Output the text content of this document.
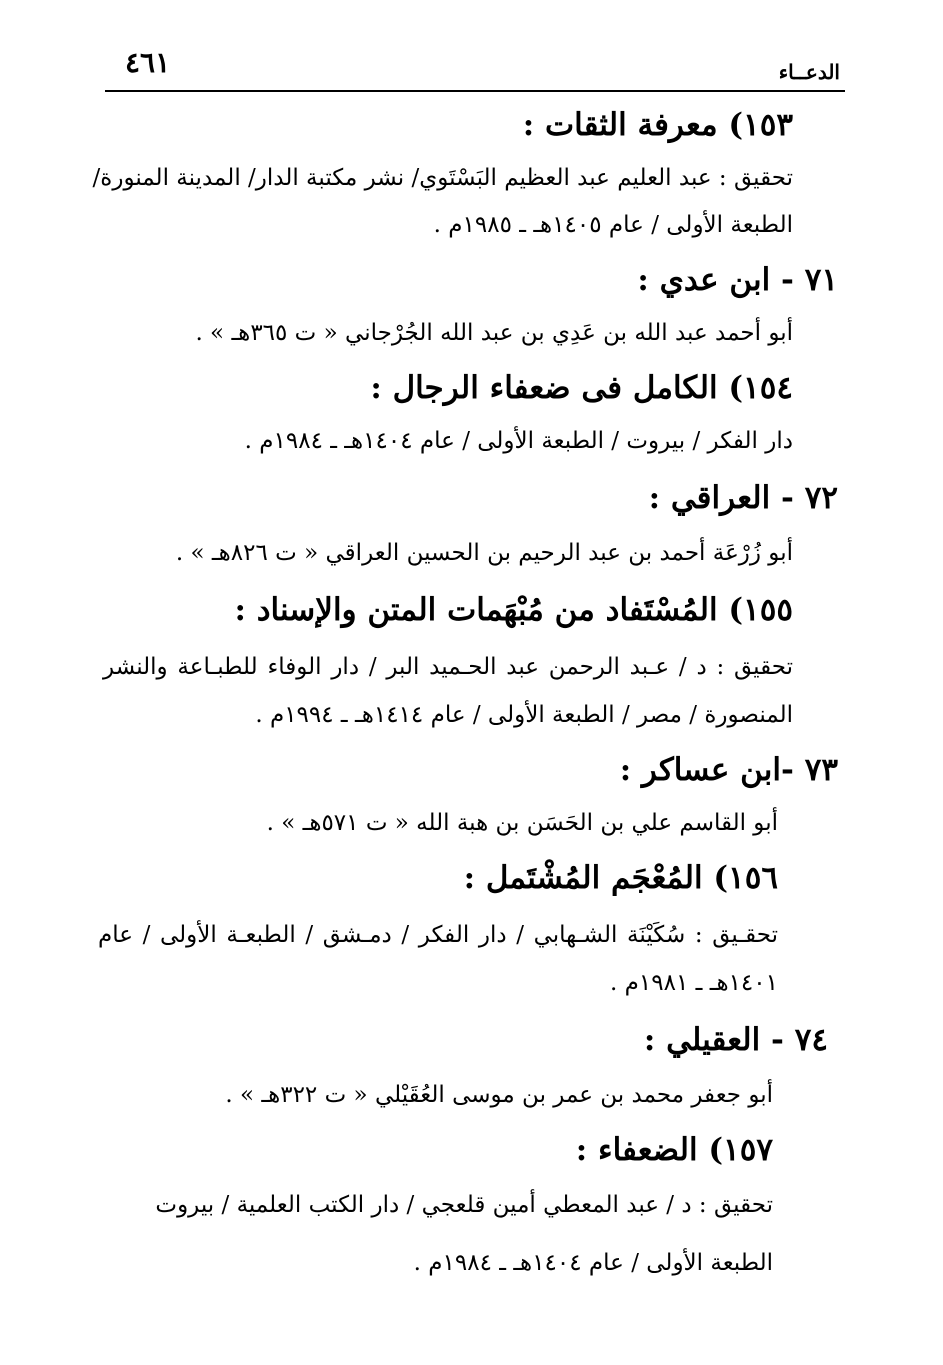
٤٦١	الدعــاء
١٥٣) معرفة الثقات :
تحقيق : عبد العليم عبد العظيم البَسْتَوي/ نشر مكتبة الدار/ المدينة المنورة/
الطبعة الأولى / عام ١٤٠٥هـ ـ ١٩٨٥م .
٧١ - ابن عدي :
أبو أحمد عبد الله بن عَدِي بن عبد الله الجُرْجاني « ت ٣٦٥هـ » .
١٥٤) الكامل فى ضعفاء الرجال :
دار الفكر / بيروت / الطبعة الأولى / عام ١٤٠٤هـ ـ ١٩٨٤م .
٧٢ - العراقي :
أبو زُرْعَة أحمد بن عبد الرحيم بن الحسين العراقي « ت ٨٢٦هـ » .
١٥٥) المُسْتَفاد من مُبْهَمات المتن والإسناد :
تحقيق : د / عـبد الرحمن عبد الحـميد البر / دار الوفاء للطبـاعة والنشر
المنصورة / مصر / الطبعة الأولى / عام ١٤١٤هـ ـ ١٩٩٤م .
٧٣ -ابن عساكر :
أبو القاسم علي بن الحَسَن بن هبة الله « ت ٥٧١هـ » .
١٥٦) المُعْجَم المُشْتَمل :
تحقـيق : سُكَيْنَة الشـهابي / دار الفكر / دمـشق / الطبعـة الأولى / عام
١٤٠١هـ ـ ١٩٨١م .
٧٤ - العقيلي :
أبو جعفر محمد بن عمر بن موسى العُقَيْلي « ت ٣٢٢هـ » .
١٥٧) الضعفاء :
تحقيق : د / عبد المعطي أمين قلعجي / دار الكتب العلمية / بيروت
الطبعة الأولى / عام ١٤٠٤هـ ـ ١٩٨٤م .
